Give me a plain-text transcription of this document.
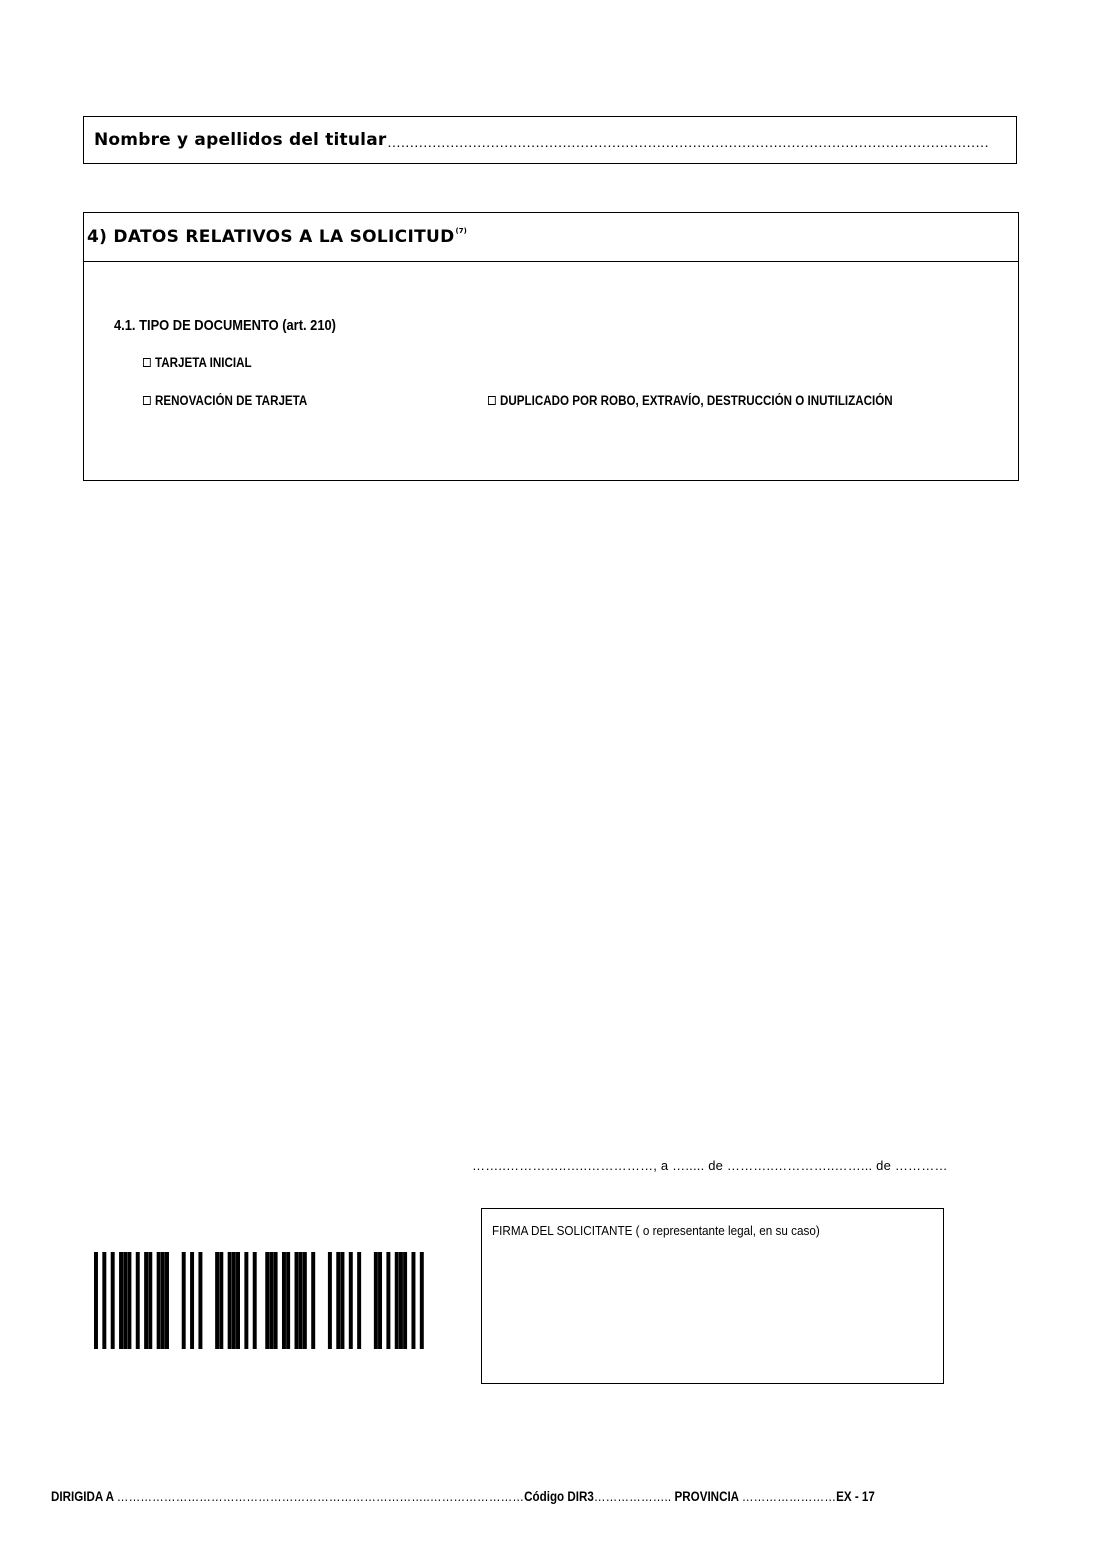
Nombre y apellidos del titular ......................................................................................................................................
4) DATOS RELATIVOS A LA SOLICITUD (7)
4.1. TIPO DE DOCUMENTO (art. 210)
TARJETA INICIAL
RENOVACIÓN DE TARJETA	DUPLICADO POR ROBO, EXTRAVÍO, DESTRUCCIÓN O INUTILIZACIÓN
……..…………..…..……………, a …..... de ………..…………..……... de …………
FIRMA DEL SOLICITANTE ( o representante legal, en su caso)
DIRIGIDA A ……………………………………………………………………..……………………Código DIR3……………….. PROVINCIA ……………………EX - 17
